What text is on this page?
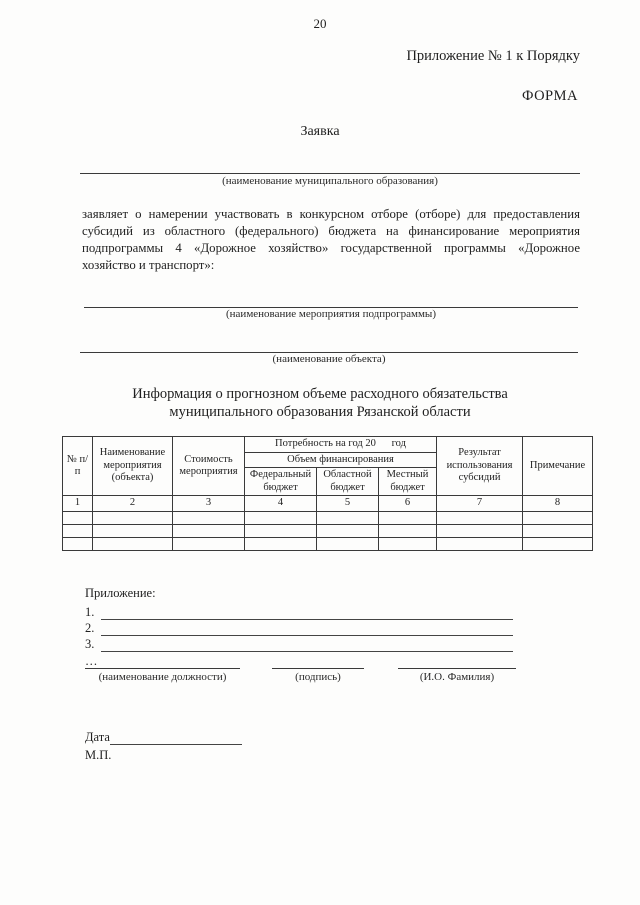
20
Приложение № 1 к Порядку
ФОРМА
Заявка
(наименование муниципального образования)
заявляет о намерении участвовать в конкурсном отборе (отборе) для предоставления субсидий из областного (федерального) бюджета на финансирование мероприятия подпрограммы 4 «Дорожное хозяйство» государственной программы «Дорожное хозяйство и транспорт»:
(наименование мероприятия подпрограммы)
(наименование объекта)
Информация о прогнозном объеме расходного обязательства
муниципального образования Рязанской области
№ п/п	Наименование мероприятия (объекта)	Стоимость мероприятия	Потребность на год 20      год			Результат использования субсидий	Примечание
			Объем финансирования				
			Федеральный бюджет	Областной бюджет	Местный бюджет		
1	2	3	4	5	6	7	8

Приложение:
1.
2.
3.
…
(наименование должности)	(подпись)	(И.О. Фамилия)
Дата
М.П.
